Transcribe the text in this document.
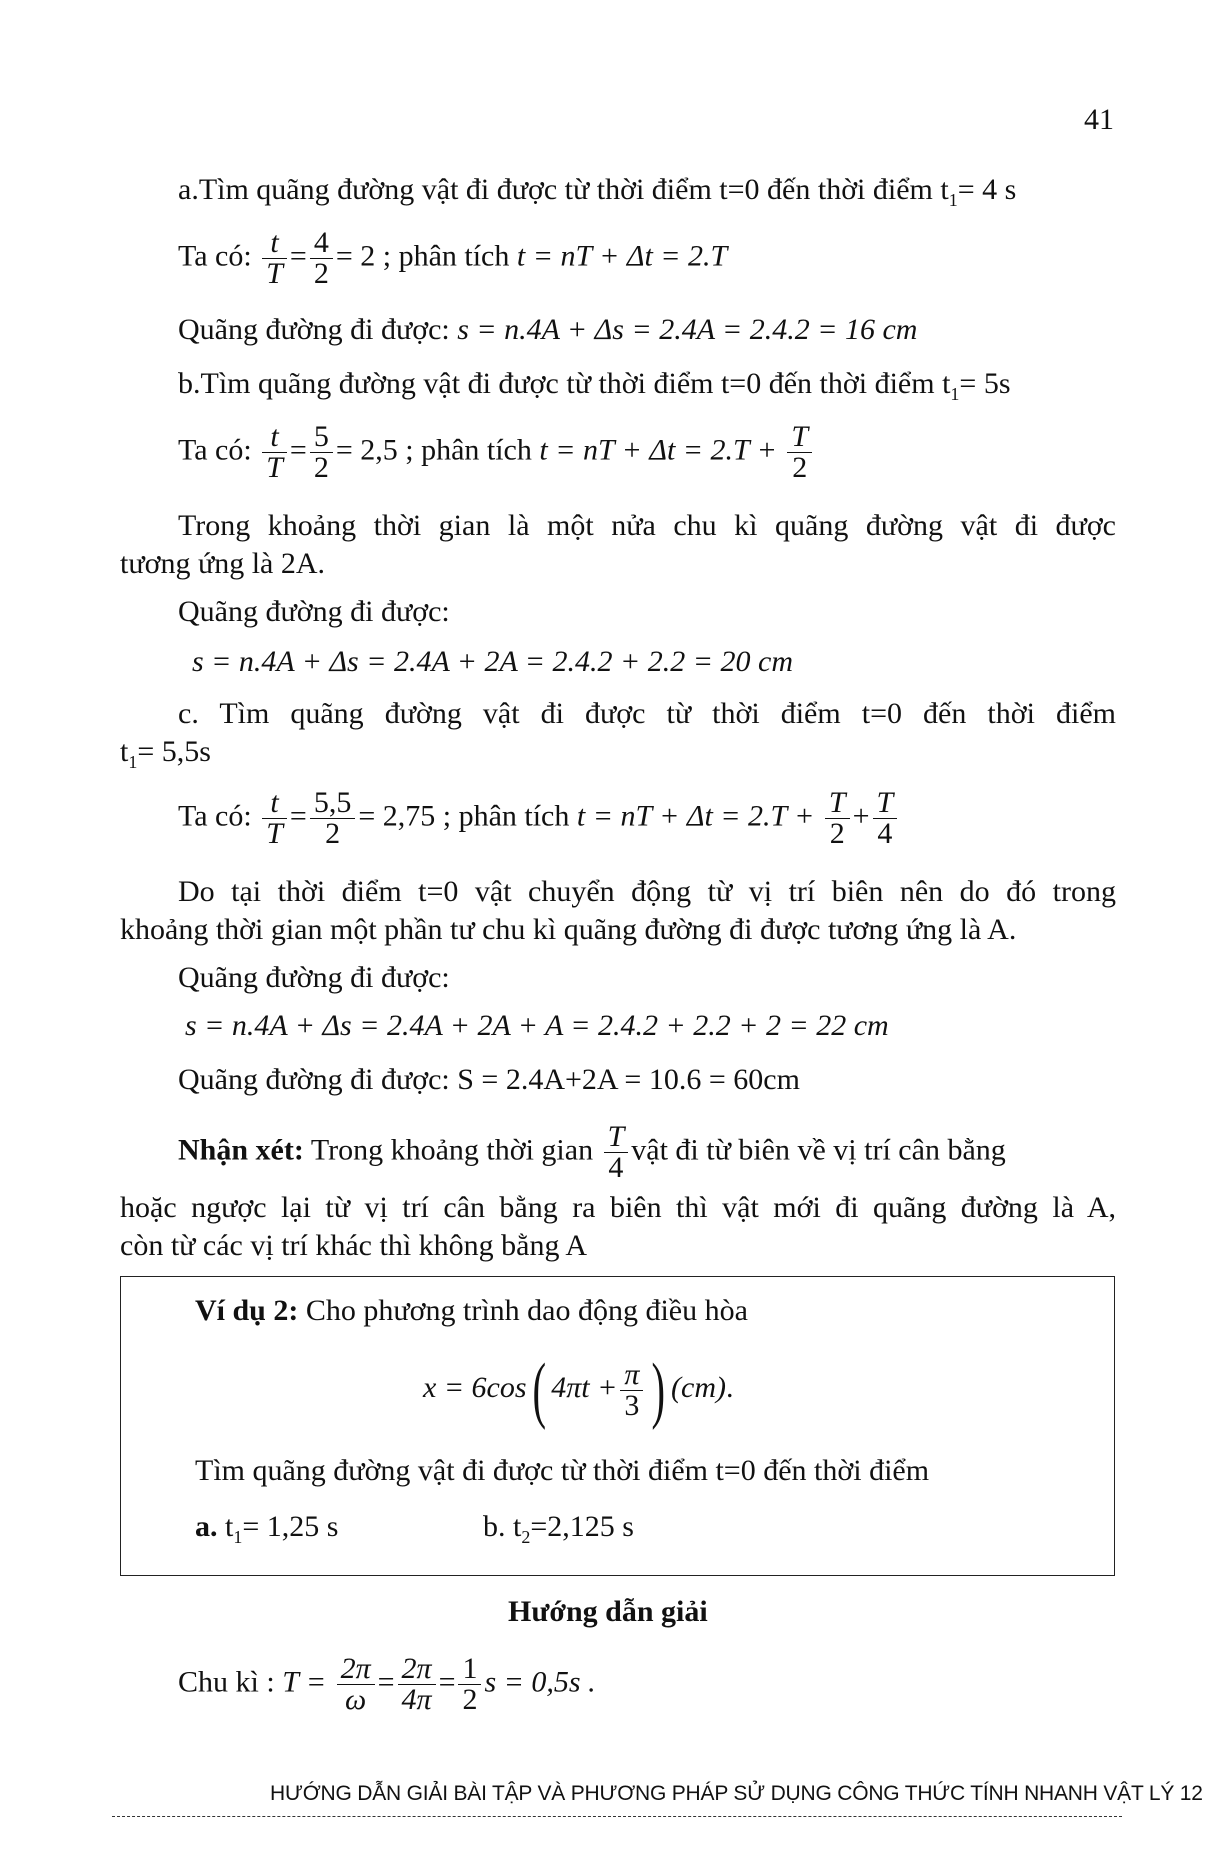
41
a.Tìm quãng đường vật đi được từ thời điểm t=0 đến thời điểm $t_1= 4$ s
Ta có: $\frac{t}{T} = \frac{4}{2} = 2$ ; phân tích t = nT + Δt = 2.T
Quãng đường đi được: s = n.4A + Δs = 2.4A = 2.4.2 = 16 cm
b.Tìm quãng đường vật đi được từ thời điểm t=0 đến thời điểm $t_1= 5s$
Ta có: $\frac{t}{T} = \frac{5}{2} = 2,5$ ; phân tích t = nT + $\Delta t = 2.T + \frac{T}{2}$
Trong khoảng thời gian là một nửa chu kì quãng đường vật đi được
tương ứng là 2A.
Quãng đường đi được:
s = n.4A + Δs = 2.4A + 2A = 2.4.2 + 2.2 = 20 cm
c. Tìm quãng đường vật đi được từ thời điểm t=0 đến thời điểm
$t_1= 5,5s$
Ta có: $\frac{t}{T} = \frac{5,5}{2} = 2,75$ ; phân tích t = nT + $\Delta t = 2.T + \frac{T}{2} + \frac{T}{4}$
Do tại thời điểm t=0 vật chuyển động từ vị trí biên nên do đó trong
khoảng thời gian một phần tư chu kì quãng đường đi được tương ứng là A.
Quãng đường đi được:
s = n.4A + Δs = 2.4A + 2A + A = 2.4.2 + 2.2 + 2 = 22 cm
Quãng đường đi được: S = 2.4A+2A = 10.6 = 60cm
Nhận xét: Trong khoảng thời gian $\frac{T}{4}$ vật đi từ biên về vị trí cân bằng
hoặc ngược lại từ vị trí cân bằng ra biên thì vật mới đi quãng đường là A,
còn từ các vị trí khác thì không bằng A
Ví dụ 2: Cho phương trình dao động điều hòa
x = 6cos( $4\pi t + \frac{\pi}{3}$ ) (cm).
Tìm quãng đường vật đi được từ thời điểm t=0 đến thời điểm
a. $t_1= 1,25$ s	b. $t_2=2,125$ s
Hướng dẫn giải
Chu kì : $T = \frac{2\pi}{\omega} = \frac{2\pi}{4\pi} = \frac{1}{2}$ s = 0,5s .
HƯỚNG DẪN GIẢI BÀI TẬP VÀ PHƯƠNG PHÁP SỬ DỤNG CÔNG THỨC TÍNH NHANH VẬT LÝ 12
